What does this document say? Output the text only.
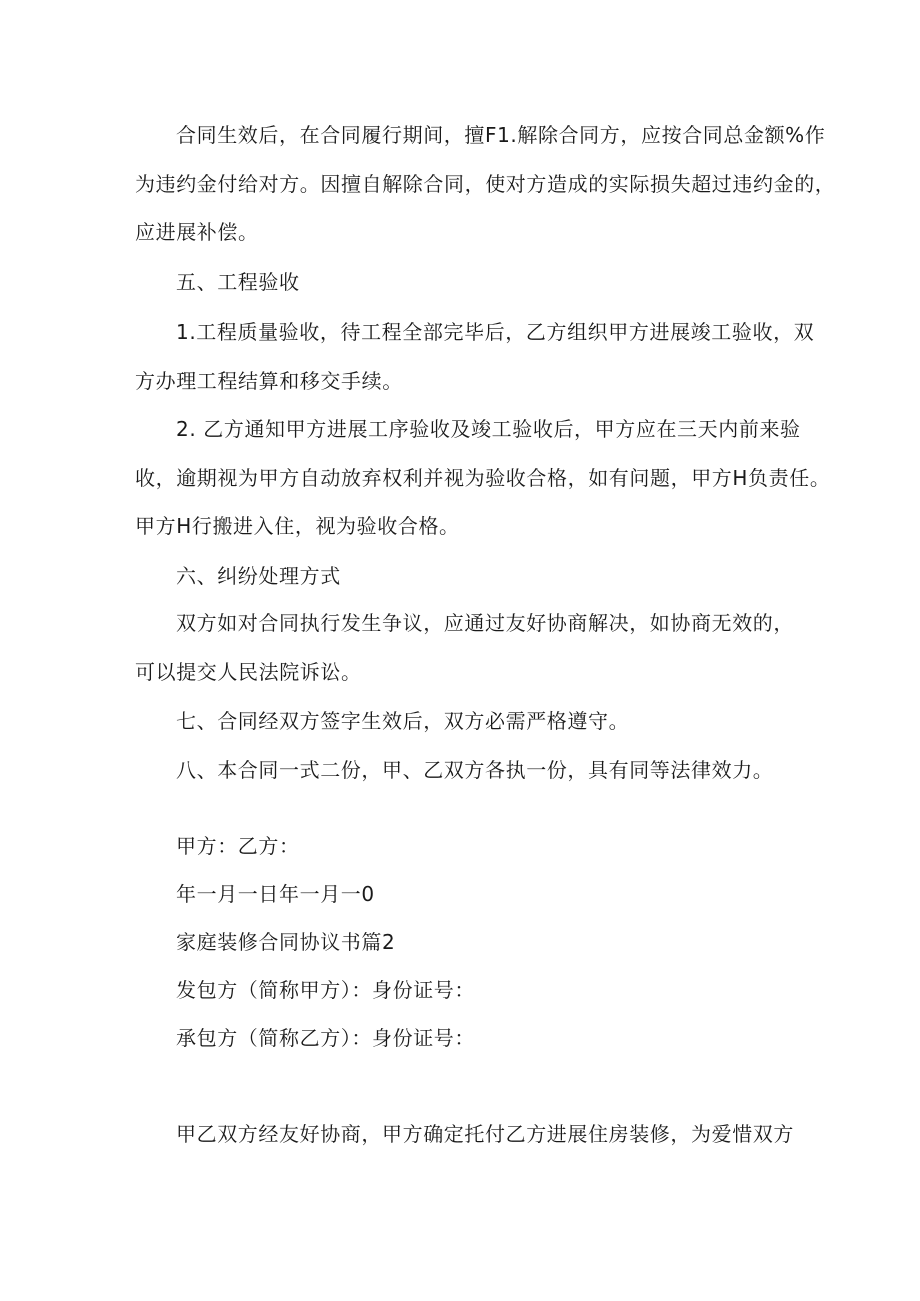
合同生效后，在合同履行期间，擅F1.解除合同方，应按合同总金额%作
为违约金付给对方。因擅自解除合同，使对方造成的实际损失超过违约金的，
应进展补偿。
五、工程验收
1.工程质量验收，待工程全部完毕后，乙方组织甲方进展竣工验收，双
方办理工程结算和移交手续。
2. 乙方通知甲方进展工序验收及竣工验收后，甲方应在三天内前来验
收，逾期视为甲方自动放弃权利并视为验收合格，如有问题，甲方H负责任。
甲方H行搬进入住，视为验收合格。
六、纠纷处理方式
双方如对合同执行发生争议，应通过友好协商解决，如协商无效的，
可以提交人民法院诉讼。
七、合同经双方签字生效后，双方必需严格遵守。
八、本合同一式二份，甲、乙双方各执一份，具有同等法律效力。
甲方：乙方：
年一月一日年一月一0
家庭装修合同协议书篇2
发包方（简称甲方）：身份证号：
承包方（简称乙方）：身份证号：
甲乙双方经友好协商，甲方确定托付乙方进展住房装修，为爱惜双方
